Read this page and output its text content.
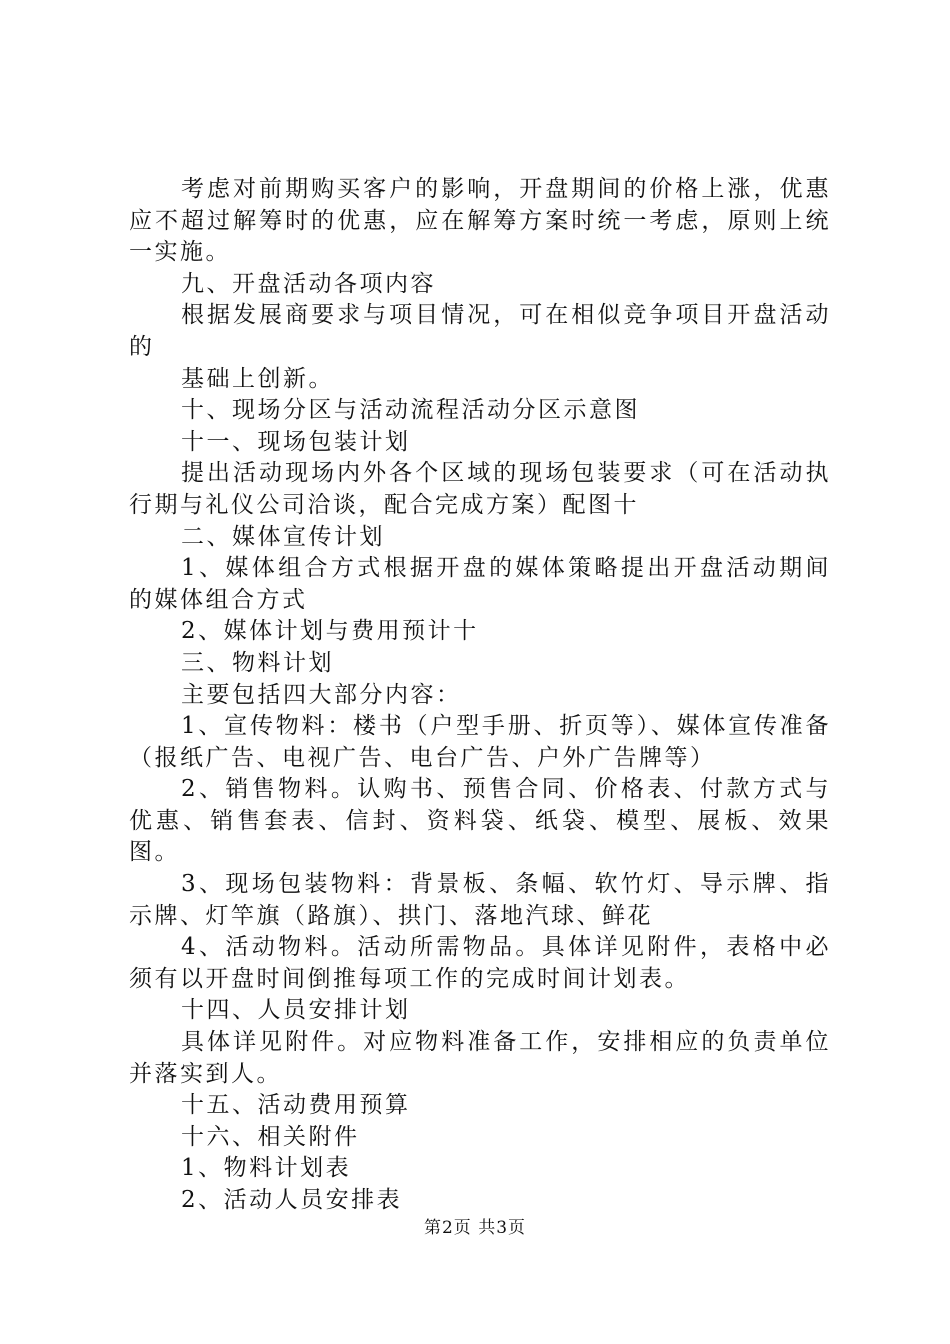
考虑对前期购买客户的影响，开盘期间的价格上涨，优惠应不超过解筹时的优惠，应在解筹方案时统一考虑，原则上统一实施。

九、开盘活动各项内容

根据发展商要求与项目情况，可在相似竞争项目开盘活动的

基础上创新。

十、现场分区与活动流程活动分区示意图

十一、现场包装计划

提出活动现场内外各个区域的现场包装要求（可在活动执行期与礼仪公司洽谈，配合完成方案）配图十

二、媒体宣传计划

1、媒体组合方式根据开盘的媒体策略提出开盘活动期间的媒体组合方式

2、媒体计划与费用预计十

三、物料计划

主要包括四大部分内容：

1、宣传物料：楼书（户型手册、折页等）、媒体宣传准备（报纸广告、电视广告、电台广告、户外广告牌等）

2、销售物料。认购书、预售合同、价格表、付款方式与优惠、销售套表、信封、资料袋、纸袋、模型、展板、效果图。

3、现场包装物料：背景板、条幅、软竹灯、导示牌、指示牌、灯竿旗（路旗）、拱门、落地汽球、鲜花

4、活动物料。活动所需物品。具体详见附件，表格中必须有以开盘时间倒推每项工作的完成时间计划表。

十四、人员安排计划

具体详见附件。对应物料准备工作，安排相应的负责单位并落实到人。

十五、活动费用预算

十六、相关附件

1、物料计划表

2、活动人员安排表

第2页 共3页
